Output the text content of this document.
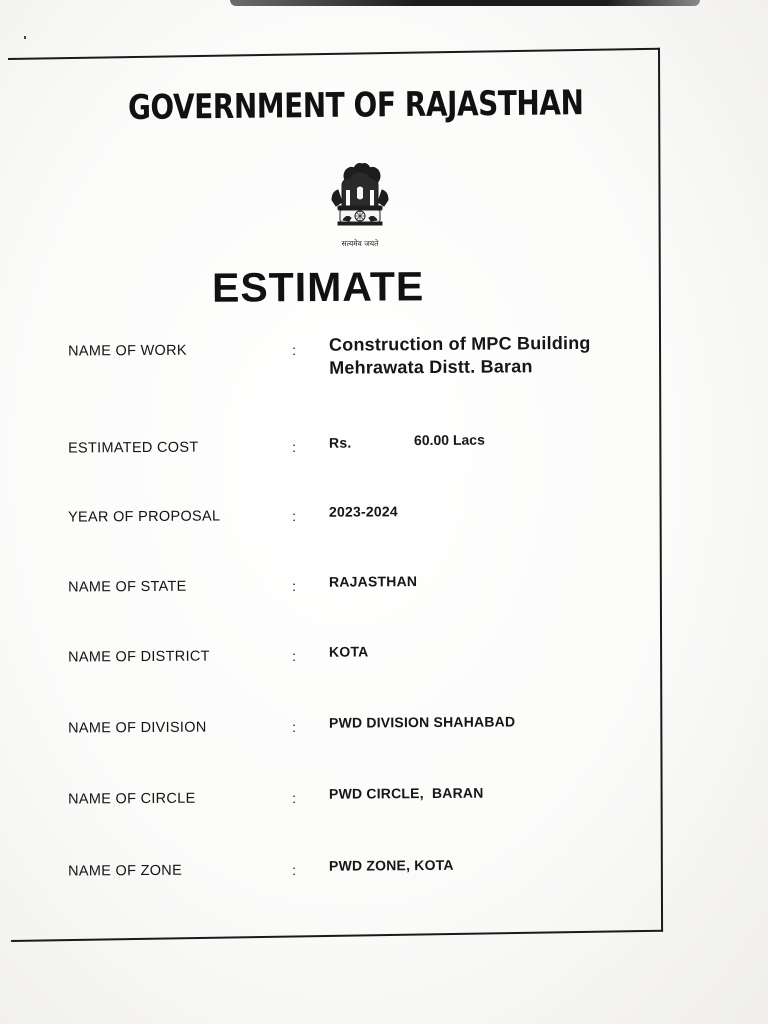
GOVERNMENT OF RAJASTHAN
सत्यमेव जयते
ESTIMATE
NAME OF WORK	: Construction of MPC Building Mehrawata Distt. Baran
ESTIMATED COST	: Rs.	60.00 Lacs
YEAR OF PROPOSAL	: 2023-2024
NAME OF STATE	: RAJASTHAN
NAME OF DISTRICT	: KOTA
NAME OF DIVISION	: PWD DIVISION SHAHABAD
NAME OF CIRCLE	: PWD CIRCLE,  BARAN
NAME OF ZONE	: PWD ZONE, KOTA
